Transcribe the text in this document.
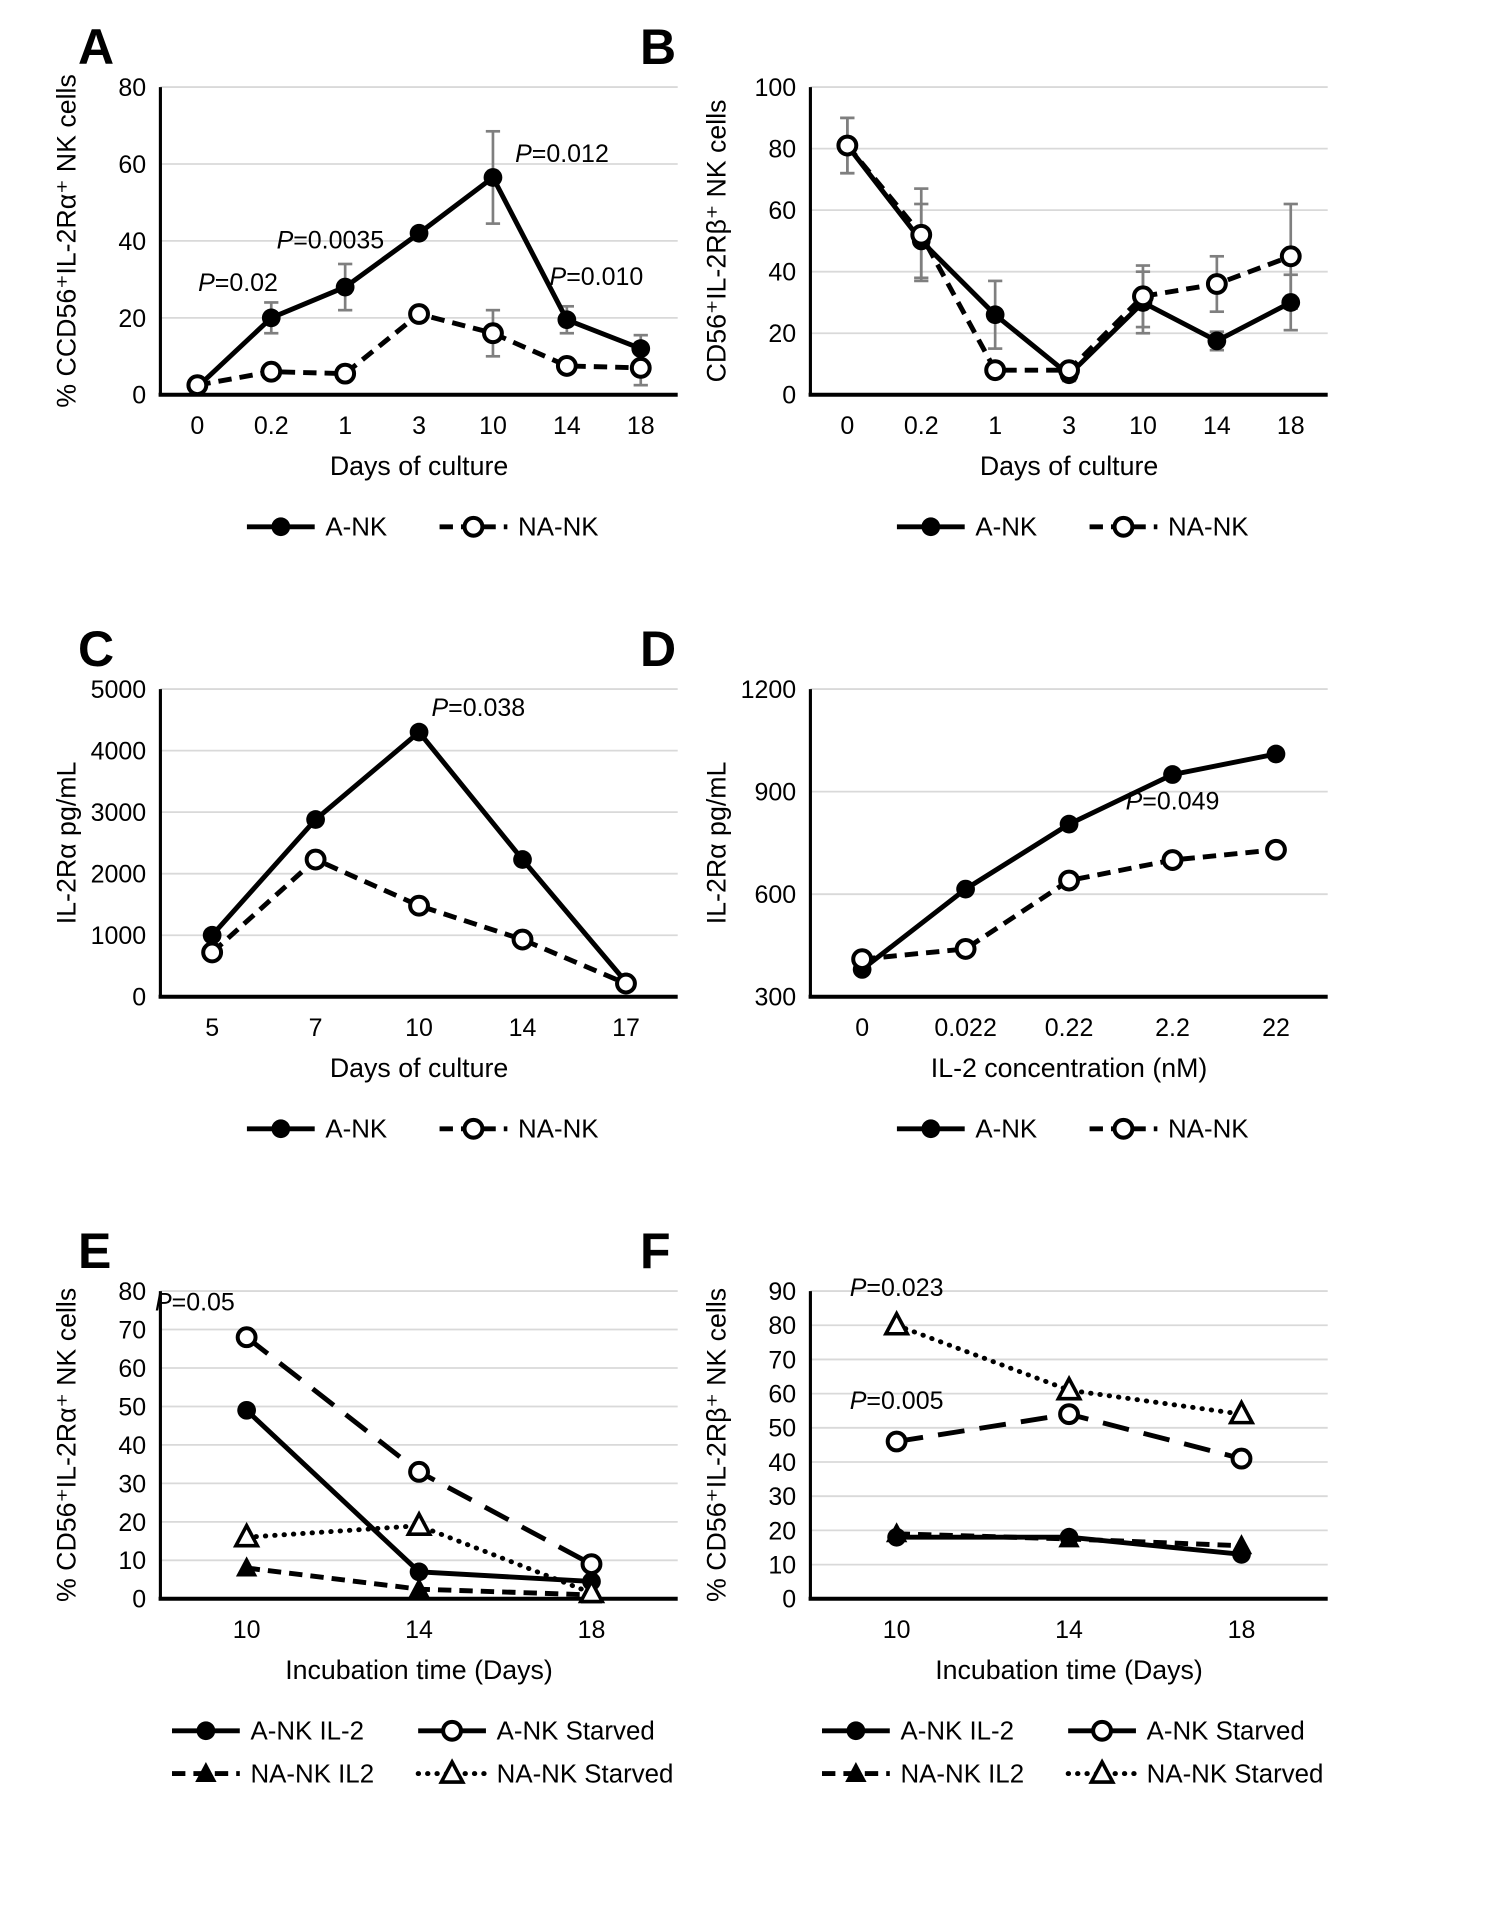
A
P=0.02
P=0.0035
P=0.012
P=0.010
0
20
40
60
80
0 0.2 1 3 10 14 18
Days of culture
% CCD56⁺IL-2Rα⁺ NK cells
A-NK	NA-NK
B
0
20
40
60
80
100
0 0.2 1 3 10 14 18
Days of culture
CD56⁺IL-2Rβ⁺ NK cells
A-NK	NA-NK
C
P=0.038
0
1000
2000
3000
4000
5000
5	7	10	14	17
Days of culture
IL-2Rα pg/mL
A-NK	NA-NK
D
P=0.049
300
600
900
1200
0 0.022 0.22 2.2	22
IL-2 concentration (nM)
IL-2Rα pg/mL
A-NK	NA-NK
E
P=0.05
0
10
20
30
40
50
60
70
80
10	14	18
Incubation time (Days)
% CD56⁺IL-2Rα⁺ NK cells
A-NK IL-2	A-NK Starved
NA-NK IL2	NA-NK Starved
F
P=0.023
P=0.005
0
10
20
30
40
50
60
70
80
90
10	14	18
Incubation time (Days)
% CD56⁺IL-2Rβ⁺ NK cells
A-NK IL-2	A-NK Starved
NA-NK IL2	NA-NK Starved
